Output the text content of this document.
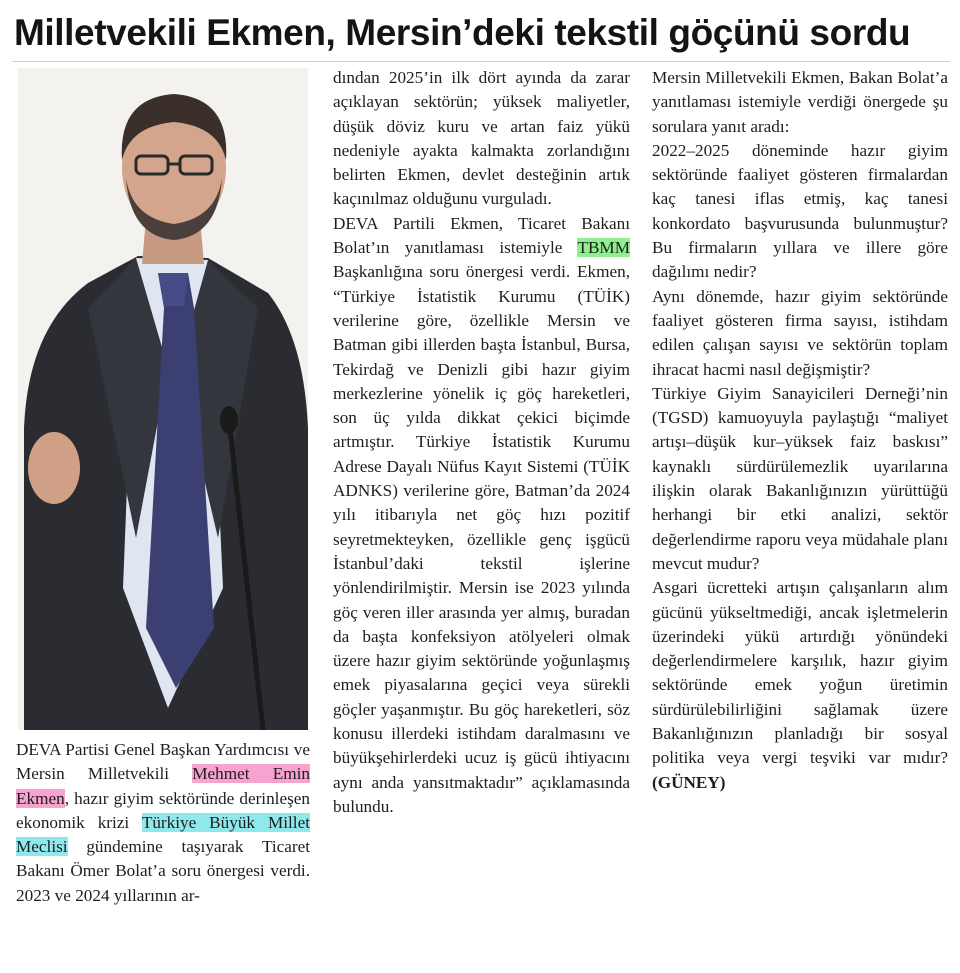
Milletvekili Ekmen, Mersin’deki tekstil göçünü sordu

DEVA Partisi Genel Başkan Yardımcısı ve Mersin Milletvekili Mehmet Emin Ekmen, hazır giyim sektöründe derinleşen ekonomik krizi Türkiye Büyük Millet Meclisi gündemine taşıyarak Ticaret Bakanı Ömer Bolat’a soru önergesi verdi. 2023 ve 2024 yıllarının ar-

dından 2025’in ilk dört ayında da zarar açıklayan sektörün; yüksek maliyetler, düşük döviz kuru ve artan faiz yükü nedeniyle ayakta kalmakta zorlandığını belirten Ekmen, devlet desteğinin artık kaçınılmaz olduğunu vurguladı.

DEVA Partili Ekmen, Ticaret Bakanı Bolat’ın yanıtlaması istemiyle TBMM Başkanlığına soru önergesi verdi. Ekmen, “Türkiye İstatistik Kurumu (TÜİK) verilerine göre, özellikle Mersin ve Batman gibi illerden başta İstanbul, Bursa, Tekirdağ ve Denizli gibi hazır giyim merkezlerine yönelik iç göç hareketleri, son üç yılda dikkat çekici biçimde artmıştır. Türkiye İstatistik Kurumu Adrese Dayalı Nüfus Kayıt Sistemi (TÜİK ADNKS) verilerine göre, Batman’da 2024 yılı itibarıyla net göç hızı pozitif seyretmekteyken, özellikle genç işgücü İstanbul’daki tekstil işlerine yönlendirilmiştir. Mersin ise 2023 yılında göç veren iller arasında yer almış, buradan da başta konfeksiyon atölyeleri olmak üzere hazır giyim sektöründe yoğunlaşmış emek piyasalarına geçici veya sürekli göçler yaşanmıştır. Bu göç hareketleri, söz konusu illerdeki istihdam daralmasını ve büyükşehirlerdeki ucuz iş gücü ihtiyacını aynı anda yansıtmaktadır” açıklamasında bulundu.

Mersin Milletvekili Ekmen, Bakan Bolat’a yanıtlaması istemiyle verdiği önergede şu sorulara yanıt aradı:

2022–2025 döneminde hazır giyim sektöründe faaliyet gösteren firmalardan kaç tanesi iflas etmiş, kaç tanesi konkordato başvurusunda bulunmuştur? Bu firmaların yıllara ve illere göre dağılımı nedir?

Aynı dönemde, hazır giyim sektöründe faaliyet gösteren firma sayısı, istihdam edilen çalışan sayısı ve sektörün toplam ihracat hacmi nasıl değişmiştir?

Türkiye Giyim Sanayicileri Derneği’nin (TGSD) kamuoyuyla paylaştığı “maliyet artışı–düşük kur–yüksek faiz baskısı” kaynaklı sürdürülemezlik uyarılarına ilişkin olarak Bakanlığınızın yürüttüğü herhangi bir etki analizi, sektör değerlendirme raporu veya müdahale planı mevcut mudur?

Asgari ücretteki artışın çalışanların alım gücünü yükseltmediği, ancak işletmelerin üzerindeki yükü artırdığı yönündeki değerlendirmelere karşılık, hazır giyim sektöründe emek yoğun üretimin sürdürülebilirliğini sağlamak üzere Bakanlığınızın planladığı bir sosyal politika veya vergi teşviki var mıdır? (GÜNEY)
